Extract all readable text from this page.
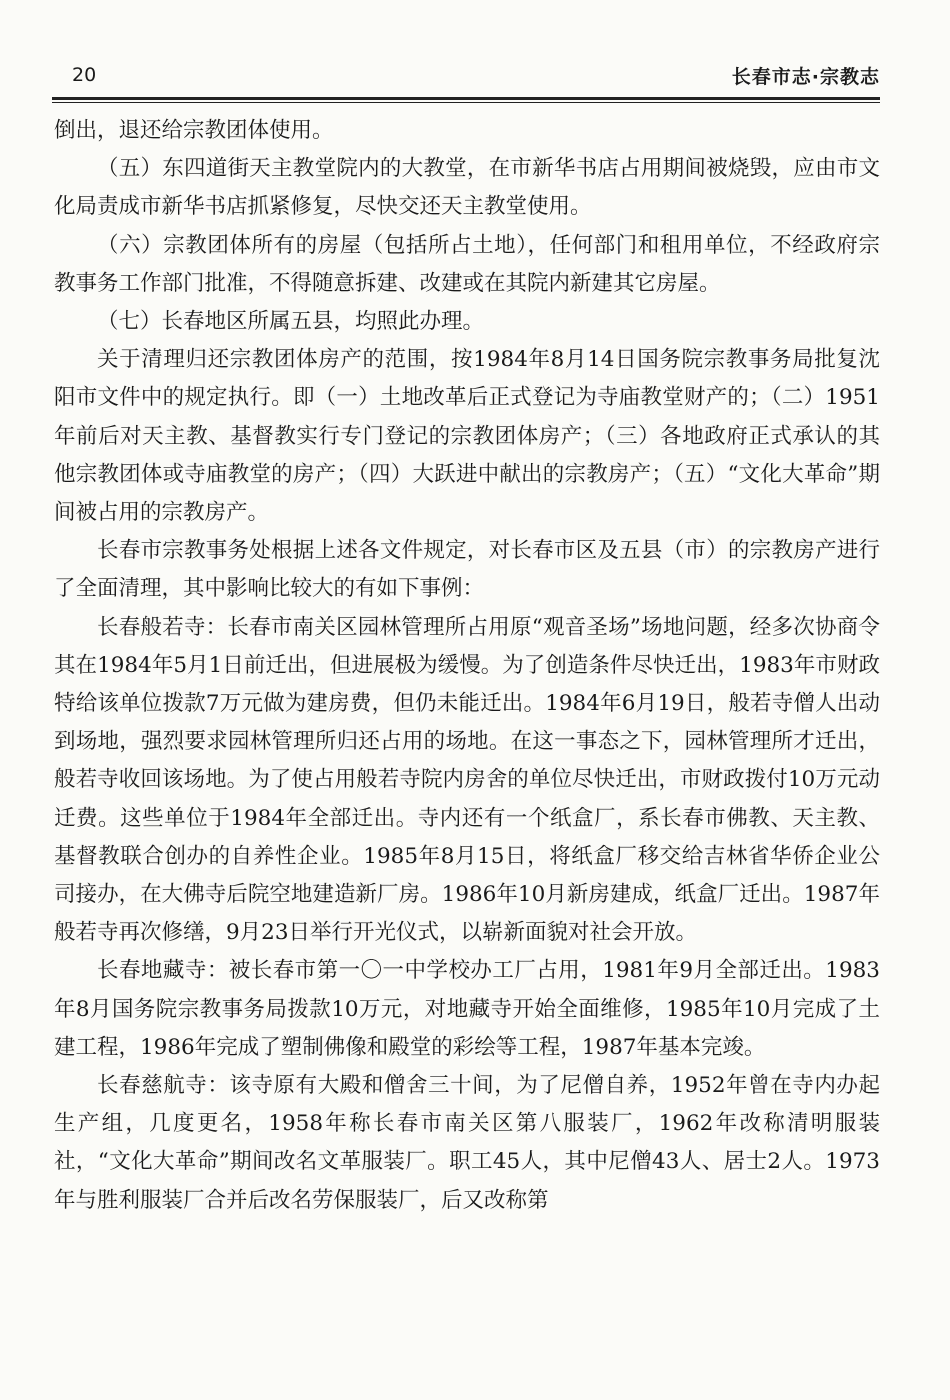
20	长春市志·宗教志

倒出，退还给宗教团体使用。

（五）东四道街天主教堂院内的大教堂，在市新华书店占用期间被烧毁，应由市文化局责成市新华书店抓紧修复，尽快交还天主教堂使用。

（六）宗教团体所有的房屋（包括所占土地），任何部门和租用单位，不经政府宗教事务工作部门批准，不得随意拆建、改建或在其院内新建其它房屋。

（七）长春地区所属五县，均照此办理。

关于清理归还宗教团体房产的范围，按1984年8月14日国务院宗教事务局批复沈阳市文件中的规定执行。即（一）土地改革后正式登记为寺庙教堂财产的；（二）1951年前后对天主教、基督教实行专门登记的宗教团体房产；（三）各地政府正式承认的其他宗教团体或寺庙教堂的房产；（四）大跃进中献出的宗教房产；（五）“文化大革命”期间被占用的宗教房产。

长春市宗教事务处根据上述各文件规定，对长春市区及五县（市）的宗教房产进行了全面清理，其中影响比较大的有如下事例：

长春般若寺：长春市南关区园林管理所占用原“观音圣场”场地问题，经多次协商令其在1984年5月1日前迁出，但进展极为缓慢。为了创造条件尽快迁出，1983年市财政特给该单位拨款7万元做为建房费，但仍未能迁出。1984年6月19日，般若寺僧人出动到场地，强烈要求园林管理所归还占用的场地。在这一事态之下，园林管理所才迁出，般若寺收回该场地。为了使占用般若寺院内房舍的单位尽快迁出，市财政拨付10万元动迁费。这些单位于1984年全部迁出。寺内还有一个纸盒厂，系长春市佛教、天主教、基督教联合创办的自养性企业。1985年8月15日，将纸盒厂移交给吉林省华侨企业公司接办，在大佛寺后院空地建造新厂房。1986年10月新房建成，纸盒厂迁出。1987年般若寺再次修缮，9月23日举行开光仪式，以崭新面貌对社会开放。

长春地藏寺：被长春市第一〇一中学校办工厂占用，1981年9月全部迁出。1983年8月国务院宗教事务局拨款10万元，对地藏寺开始全面维修，1985年10月完成了土建工程，1986年完成了塑制佛像和殿堂的彩绘等工程，1987年基本完竣。

长春慈航寺：该寺原有大殿和僧舍三十间，为了尼僧自养，1952年曾在寺内办起生产组，几度更名，1958年称长春市南关区第八服装厂，1962年改称清明服装社，“文化大革命”期间改名文革服装厂。职工45人，其中尼僧43人、居士2人。1973年与胜利服装厂合并后改名劳保服装厂，后又改称第
